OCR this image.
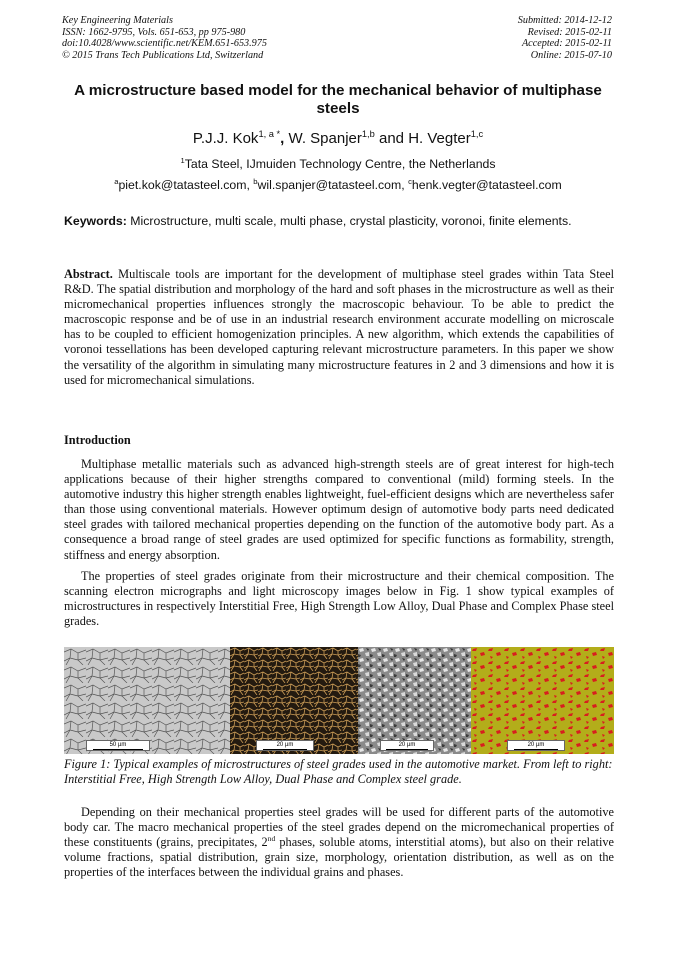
Key Engineering Materials
ISSN: 1662-9795, Vols. 651-653, pp 975-980
doi:10.4028/www.scientific.net/KEM.651-653.975
© 2015 Trans Tech Publications Ltd, Switzerland
Submitted: 2014-12-12
Revised: 2015-02-11
Accepted: 2015-02-11
Online: 2015-07-10
A microstructure based model for the mechanical behavior of multiphase steels
P.J.J. Kok$^{1, a *}$, W. Spanjer$^{1,b}$ and H. Vegter$^{1,c}$
$^1$Tata Steel, IJmuiden Technology Centre, the Netherlands
$^a$piet.kok@tatasteel.com, $^b$wil.spanjer@tatasteel.com, $^c$henk.vegter@tatasteel.com
Keywords: Microstructure, multi scale, multi phase, crystal plasticity, voronoi, finite elements.

Abstract. Multiscale tools are important for the development of multiphase steel grades within Tata Steel R&D. The spatial distribution and morphology of the hard and soft phases in the microstructure as well as their micromechanical properties influences strongly the macroscopic behaviour. To be able to predict the macroscopic response and be of use in an industrial research environment accurate modelling on microscale has to be coupled to efficient homogenization principles. A new algorithm, which extends the capabilities of voronoi tessellations has been developed capturing relevant microstructure parameters. In this paper we show the versatility of the algorithm in simulating many microstructure features in 2 and 3 dimensions and how it is used for micromechanical simulations.

Introduction

Multiphase metallic materials such as advanced high-strength steels are of great interest for high-tech applications because of their higher strengths compared to conventional (mild) forming steels. In the automotive industry this higher strength enables lightweight, fuel-efficient designs which are nevertheless safer than those using conventional materials. However optimum design of automotive body parts need dedicated steel grades with tailored mechanical properties depending on the function of the automotive body part. As a consequence a broad range of steel grades are used optimized for specific functions as formability, strength, stiffness and energy absorption.

The properties of steel grades originate from their microstructure and their chemical composition. The scanning electron micrographs and light microscopy images below in Fig. 1 show typical examples of microstructures in respectively Interstitial Free, High Strength Low Alloy, Dual Phase and Complex Phase steel grades.

50 µm	20 µm	20 µm	20 µm

Figure 1: Typical examples of microstructures of steel grades used in the automotive market. From left to right: Interstitial Free, High Strength Low Alloy, Dual Phase and Complex steel grade.

Depending on their mechanical properties steel grades will be used for different parts of the automotive body car. The macro mechanical properties of the steel grades depend on the micromechanical properties of these constituents (grains, precipitates, 2nd phases, soluble atoms, interstitial atoms), but also on their relative volume fractions, spatial distribution, grain size, morphology, orientation distribution, as well as on the properties of the interfaces between the individual grains and phases.
